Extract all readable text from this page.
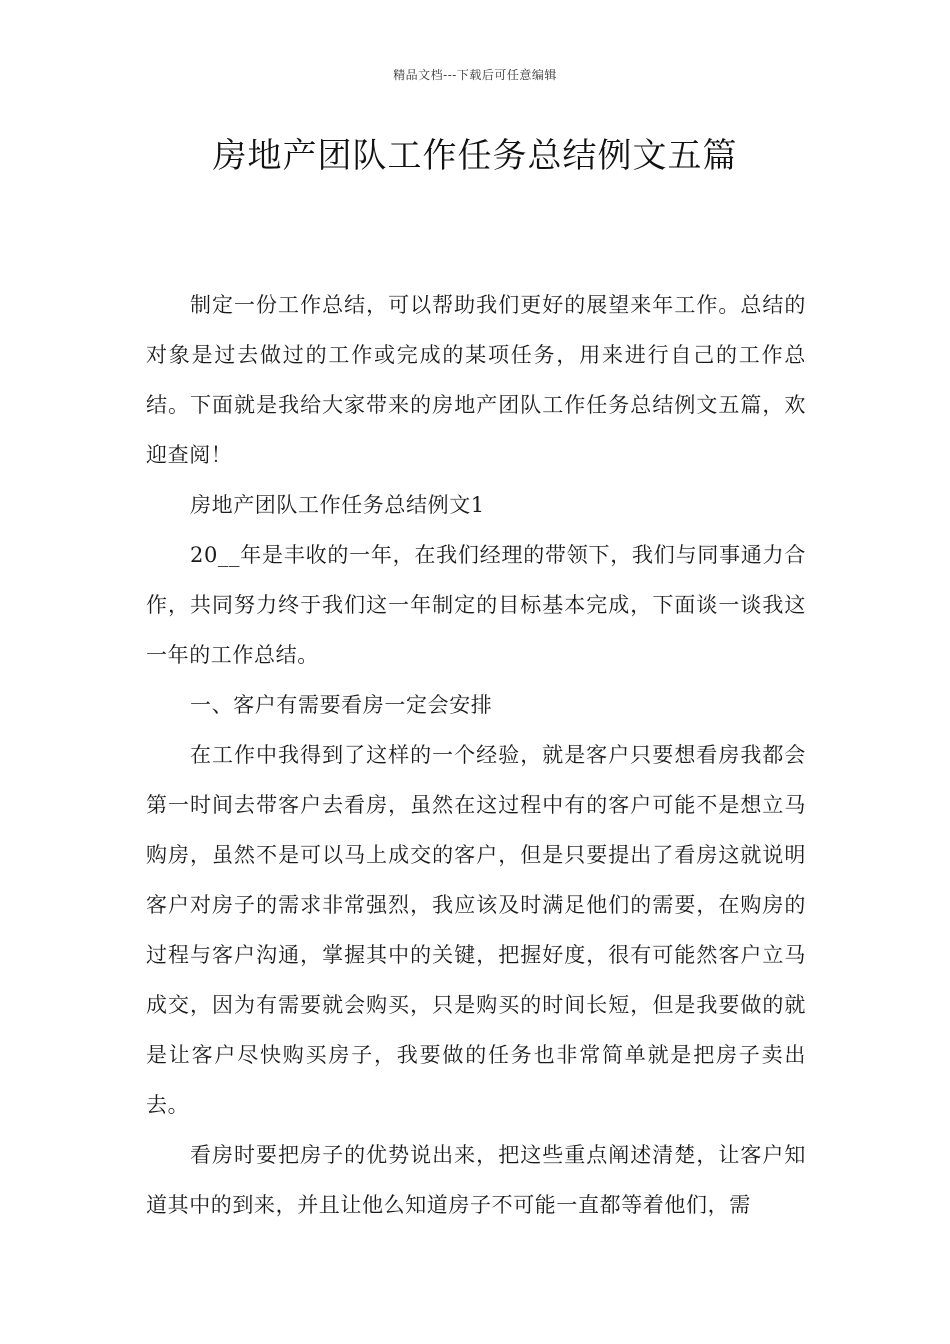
精品文档---下载后可任意编辑
房地产团队工作任务总结例文五篇

制定一份工作总结，可以帮助我们更好的展望来年工作。总结的对象是过去做过的工作或完成的某项任务，用来进行自己的工作总结。下面就是我给大家带来的房地产团队工作任务总结例文五篇，欢迎查阅！

房地产团队工作任务总结例文1

20__年是丰收的一年，在我们经理的带领下，我们与同事通力合作，共同努力终于我们这一年制定的目标基本完成，下面谈一谈我这一年的工作总结。

一、客户有需要看房一定会安排

在工作中我得到了这样的一个经验，就是客户只要想看房我都会第一时间去带客户去看房，虽然在这过程中有的客户可能不是想立马购房，虽然不是可以马上成交的客户，但是只要提出了看房这就说明客户对房子的需求非常强烈，我应该及时满足他们的需要，在购房的过程与客户沟通，掌握其中的关键，把握好度，很有可能然客户立马成交，因为有需要就会购买，只是购买的时间长短，但是我要做的就是让客户尽快购买房子，我要做的任务也非常简单就是把房子卖出去。

看房时要把房子的优势说出来，把这些重点阐述清楚，让客户知道其中的到来，并且让他么知道房子不可能一直都等着他们，需
